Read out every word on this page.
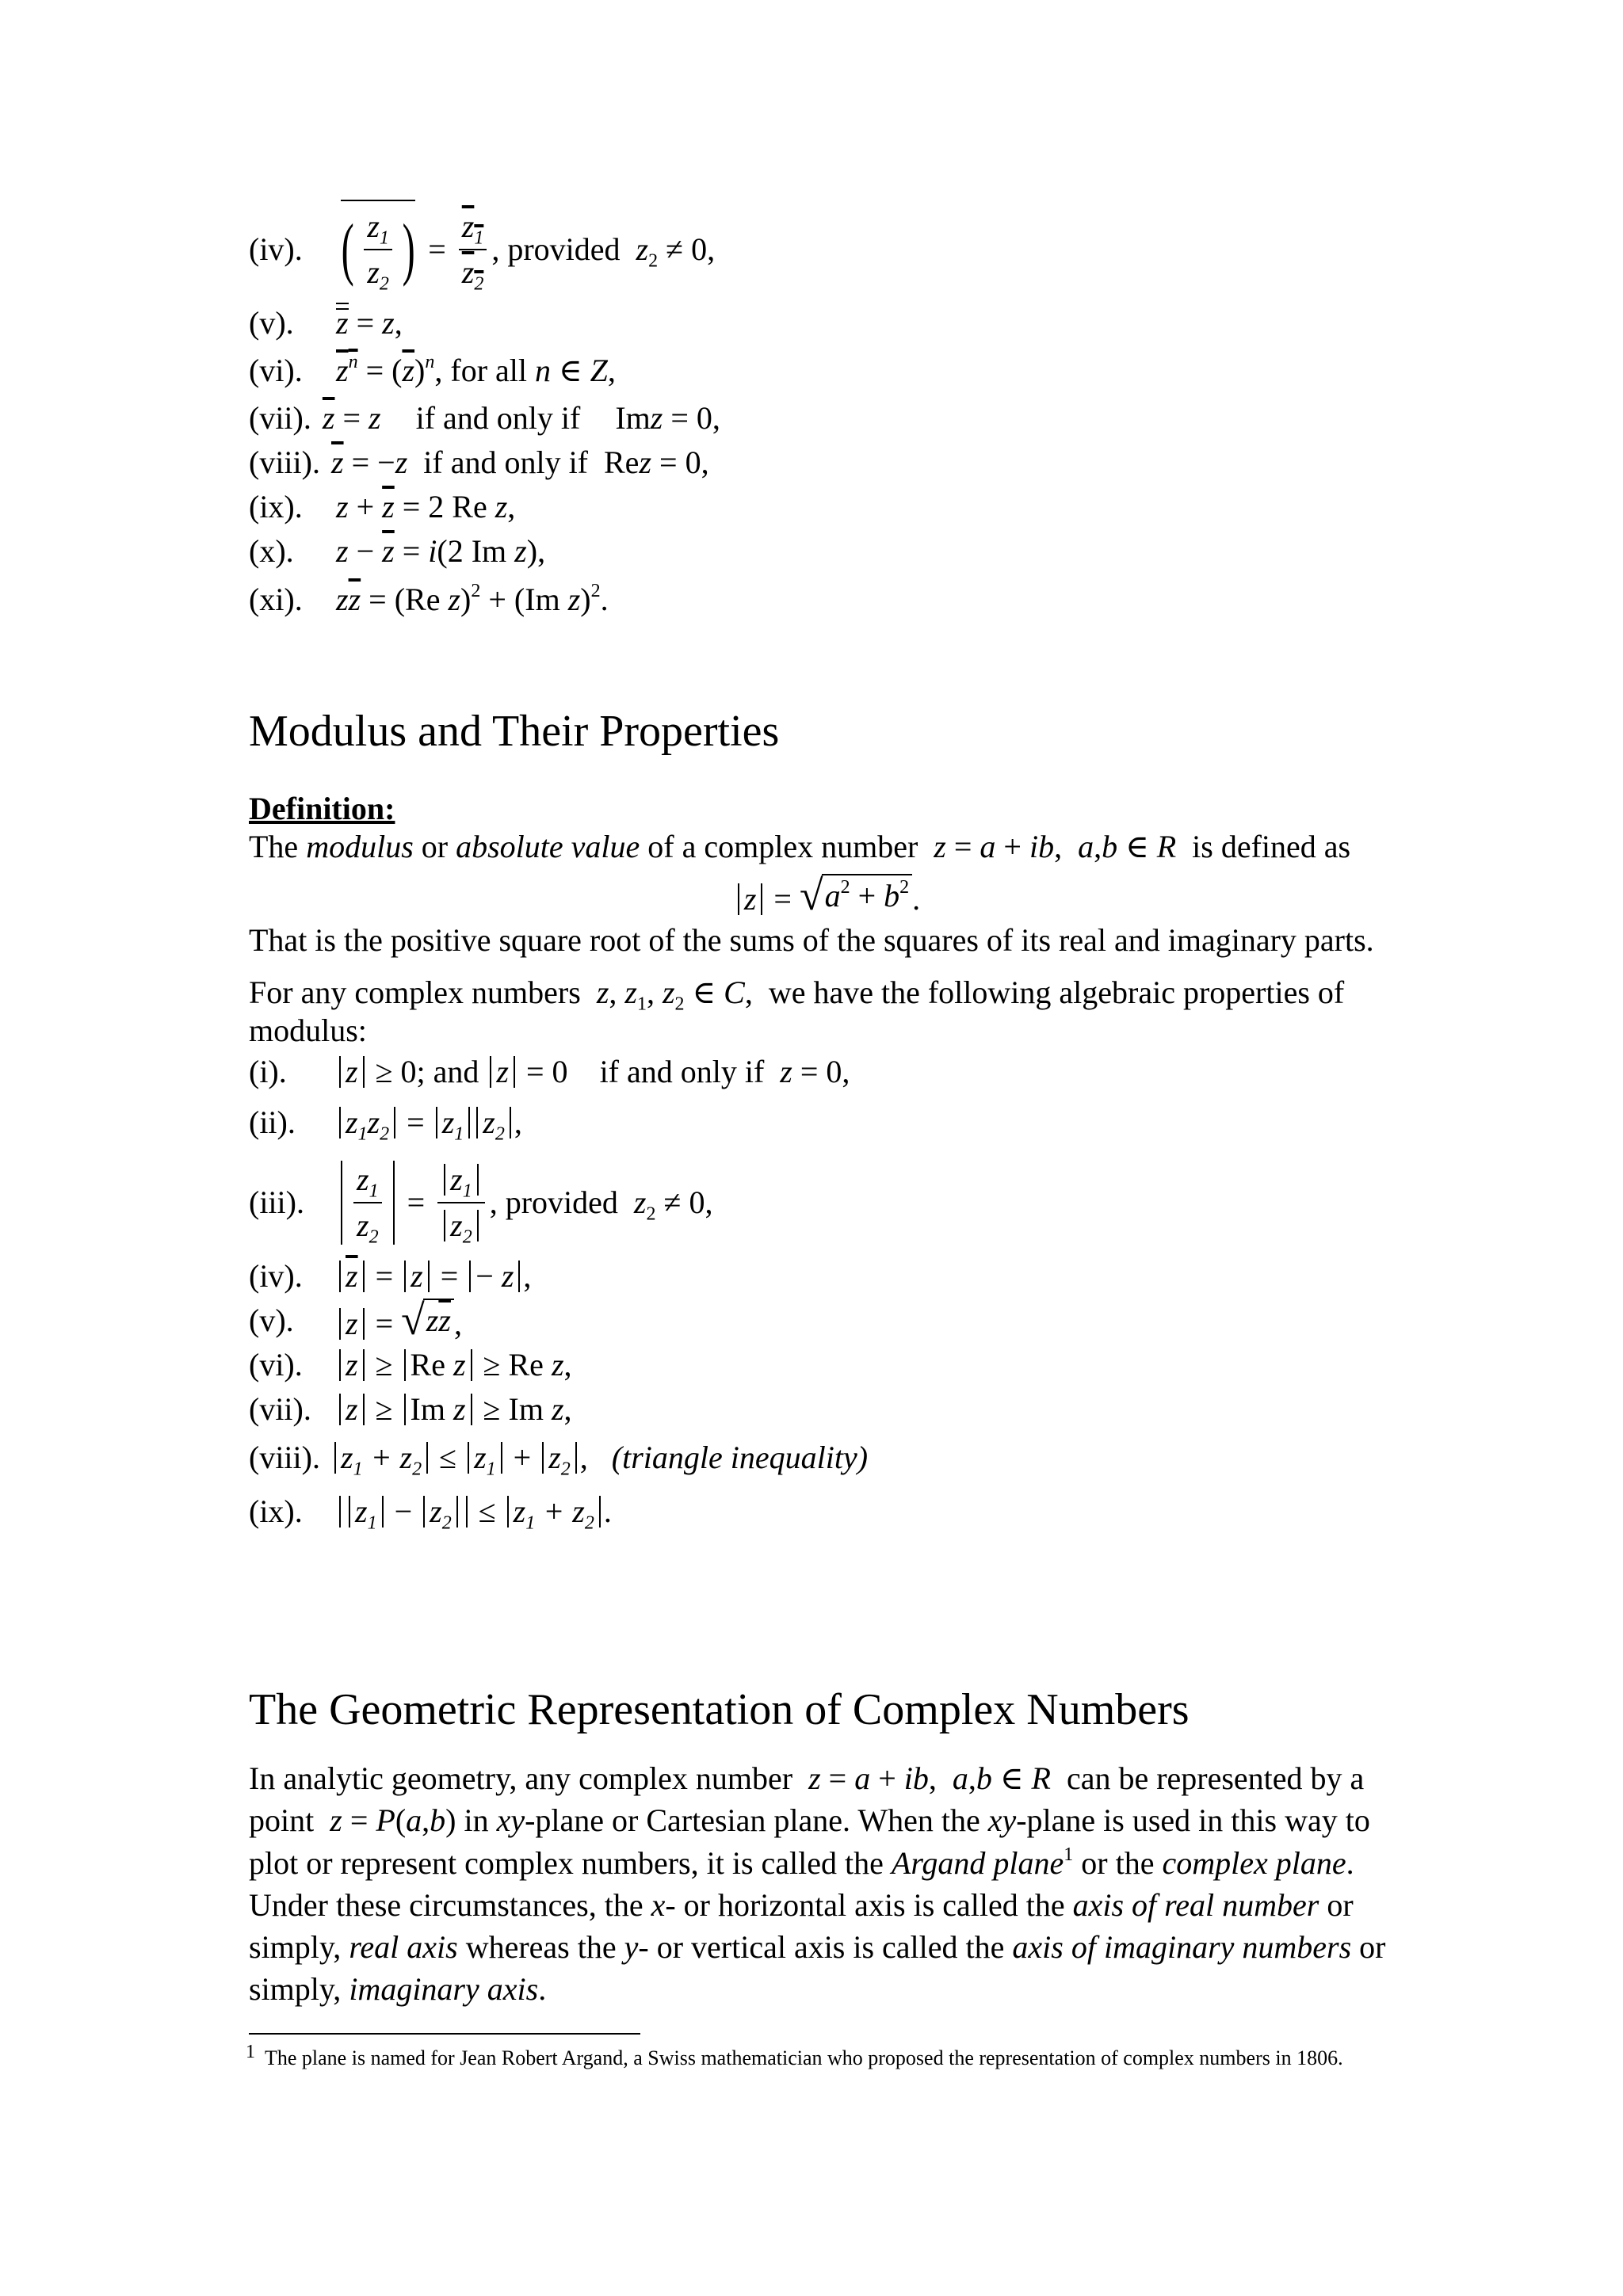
(iv). ( $\frac{z_1}{z_2}$ ) = $\frac{z_1}{z_2}$ , provided $z_2 \ne 0$,
(v).	z = z,
(vi).	$z^n = (\overline{z})^n$ , for all n ∈ Z,
(vii). $\overline{z} = z$ if and only if Imz = 0,
(viii). $\overline{z} = -z$ if and only if Rez = 0,
(ix).	$z + \overline{z} = 2$ Re z,
(x).	$z - \overline{z} = i(2$ Im z),
(xi).	$z\overline{z} = (Re$ z)$^2$ + (Im z)$^2$.
Modulus and Their Properties

Definition:

The modulus or absolute value of a complex number z = a + ib,  a,b ∈ R is defined as

z = √ $a^2 + b^2$ .

That is the positive square root of the sums of the squares of its real and imaginary parts.

For any complex numbers z, $z_1$, $z_2$ ∈ C,  we have the following algebraic properties of modulus:

(i).	z ≥ 0;
and
z = 0 if and only if
z = 0,
(ii).	$z_1z_2 = z_1$ $z_2$ ,
(iii).	$\frac{z_1}{z_2} = \frac{z_1}{z_2}$ , provided $z_2 \ne 0$,
(iv).	$\overline{z} = z$ = − z ,
(v).	z = √ $z\overline{z}$ ,
(vi).	z ≥ Re z ≥ Re z,
(vii).	z ≥ Im z ≥ Im z,
(viii). $z_1 + z_2 \le z_1 + z_2$ ,
(triangle inequality)
(ix).	$z_1 - z_2 \le z_1 + z_2$ .
The Geometric Representation of Complex Numbers

In analytic geometry, any complex number z = a + ib,  a,b ∈ R can be represented by a point z = P(a,b) in xy-plane or Cartesian plane. When the xy-plane is used in this way to plot or represent complex numbers, it is called the Argand plane$^1$ or the complex plane. Under these circumstances, the x- or horizontal axis is called the axis of real number or simply, real axis whereas the y- or vertical axis is called the axis of imaginary numbers or simply, imaginary axis.

1 The plane is named for Jean Robert Argand, a Swiss mathematician who proposed the representation of complex numbers in 1806.
